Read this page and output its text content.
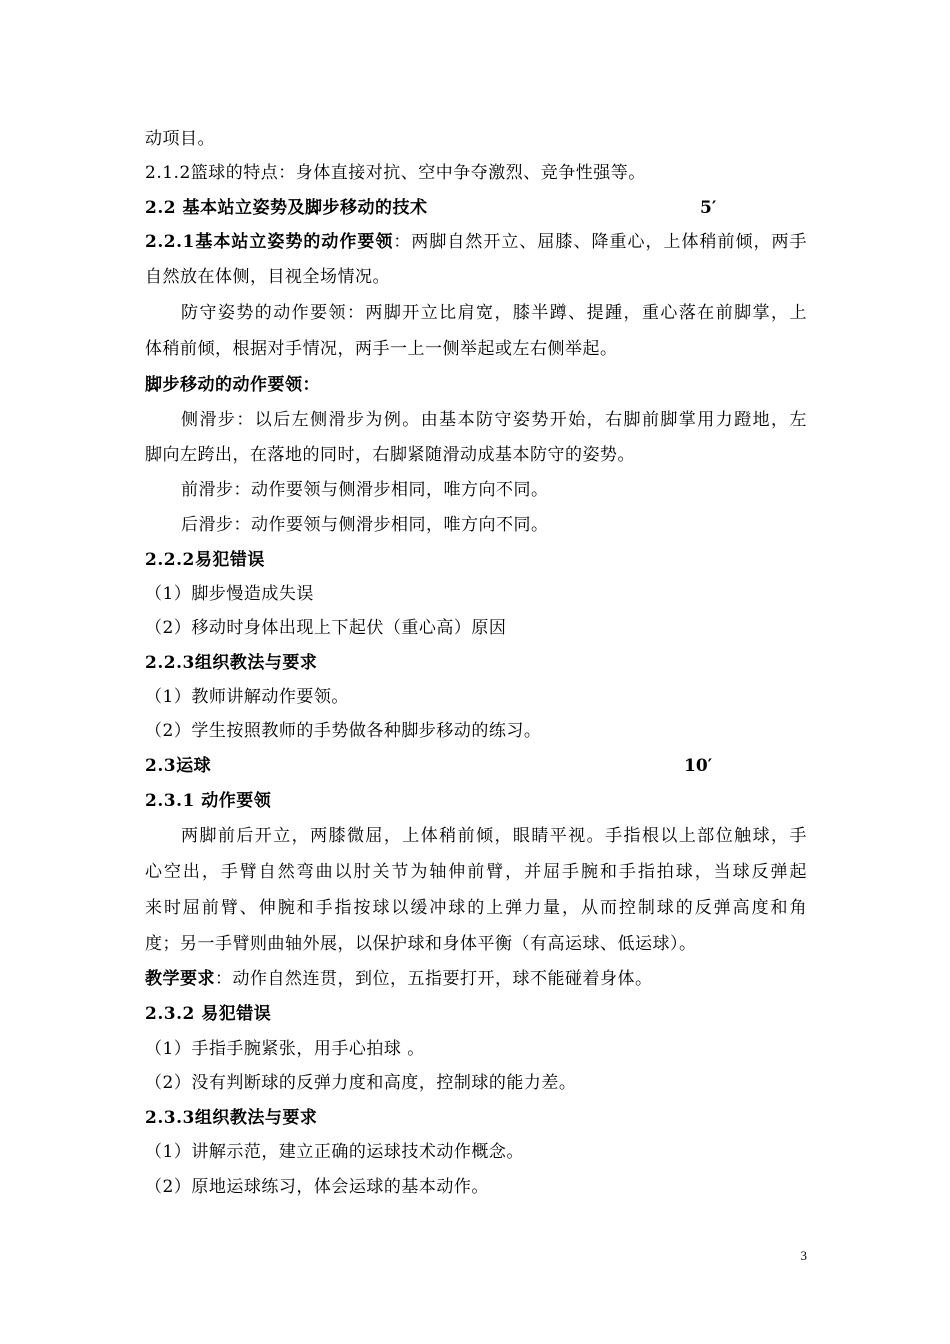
动项目。
2.1.2篮球的特点：身体直接对抗、空中争夺激烈、竞争性强等。
2.2 基本站立姿势及脚步移动的技术	5′
2.2.1基本站立姿势的动作要领：两脚自然开立、屈膝、降重心，上体稍前倾，两手
自然放在体侧，目视全场情况。
防守姿势的动作要领：两脚开立比肩宽，膝半蹲、提踵，重心落在前脚掌，上
体稍前倾，根据对手情况，两手一上一侧举起或左右侧举起。
脚步移动的动作要领：
侧滑步：以后左侧滑步为例。由基本防守姿势开始，右脚前脚掌用力蹬地，左
脚向左跨出，在落地的同时，右脚紧随滑动成基本防守的姿势。
前滑步：动作要领与侧滑步相同，唯方向不同。
后滑步：动作要领与侧滑步相同，唯方向不同。
2.2.2易犯错误
（1）脚步慢造成失误
（2）移动时身体出现上下起伏（重心高）原因
2.2.3组织教法与要求
（1）教师讲解动作要领。
（2）学生按照教师的手势做各种脚步移动的练习。
2.3运球	10′
2.3.1 动作要领
两脚前后开立，两膝微屈，上体稍前倾，眼睛平视。手指根以上部位触球，手
心空出，手臂自然弯曲以肘关节为轴伸前臂，并屈手腕和手指拍球，当球反弹起
来时屈前臂、伸腕和手指按球以缓冲球的上弹力量，从而控制球的反弹高度和角
度；另一手臂则曲轴外展，以保护球和身体平衡（有高运球、低运球）。
教学要求：动作自然连贯，到位，五指要打开，球不能碰着身体。
2.3.2 易犯错误
（1）手指手腕紧张，用手心拍球 。
（2）没有判断球的反弹力度和高度，控制球的能力差。
2.3.3组织教法与要求
（1）讲解示范，建立正确的运球技术动作概念。
（2）原地运球练习，体会运球的基本动作。
3
